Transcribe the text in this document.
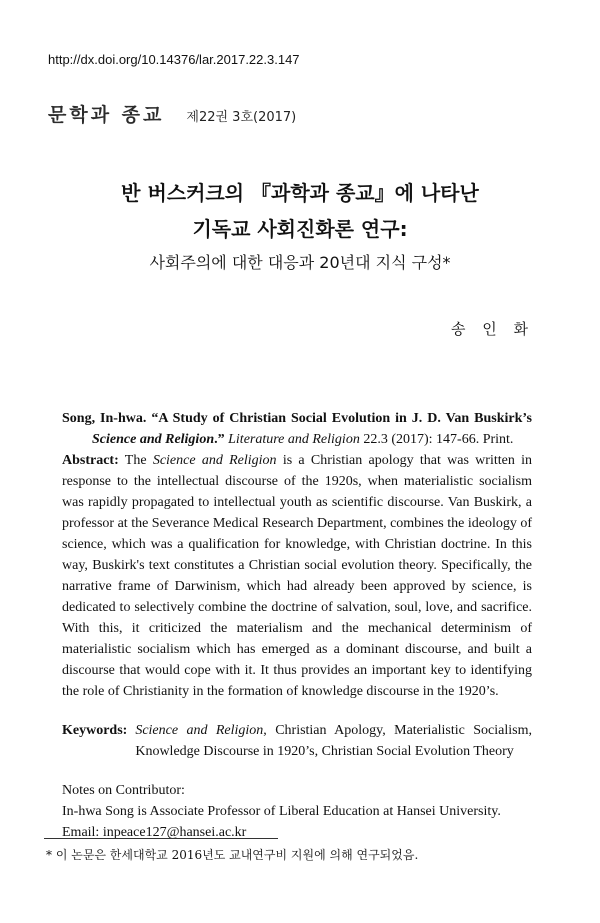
http://dx.doi.org/10.14376/lar.2017.22.3.147
문학과 종교 제22권 3호(2017)
반 버스커크의 『과학과 종교』에 나타난
기독교 사회진화론 연구:
사회주의에 대한 대응과 20년대 지식 구성*
송 인 화

Song, In-hwa. “A Study of Christian Social Evolution in J. D. Van Buskirk’s Science and Religion.” Literature and Religion 22.3 (2017): 147-66. Print.

Abstract: The Science and Religion is a Christian apology that was written in response to the intellectual discourse of the 1920s, when materialistic socialism was rapidly propagated to intellectual youth as scientific discourse. Van Buskirk, a professor at the Severance Medical Research Department, combines the ideology of science, which was a qualification for knowledge, with Christian doctrine. In this way, Buskirk's text constitutes a Christian social evolution theory. Specifically, the narrative frame of Darwinism, which had already been approved by science, is dedicated to selectively combine the doctrine of salvation, soul, love, and sacrifice. With this, it criticized the materialism and the mechanical determinism of materialistic socialism which has emerged as a dominant discourse, and built a discourse that would cope with it. It thus provides an important key to identifying the role of Christianity in the formation of knowledge discourse in the 1920’s.

Keywords: Science and Religion, Christian Apology, Materialistic Socialism, Knowledge Discourse in 1920’s, Christian Social Evolution Theory
Notes on Contributor:
In-hwa Song is Associate Professor of Liberal Education at Hansei University.
Email: inpeace127@hansei.ac.kr
* 이 논문은 한세대학교 2016년도 교내연구비 지원에 의해 연구되었음.
